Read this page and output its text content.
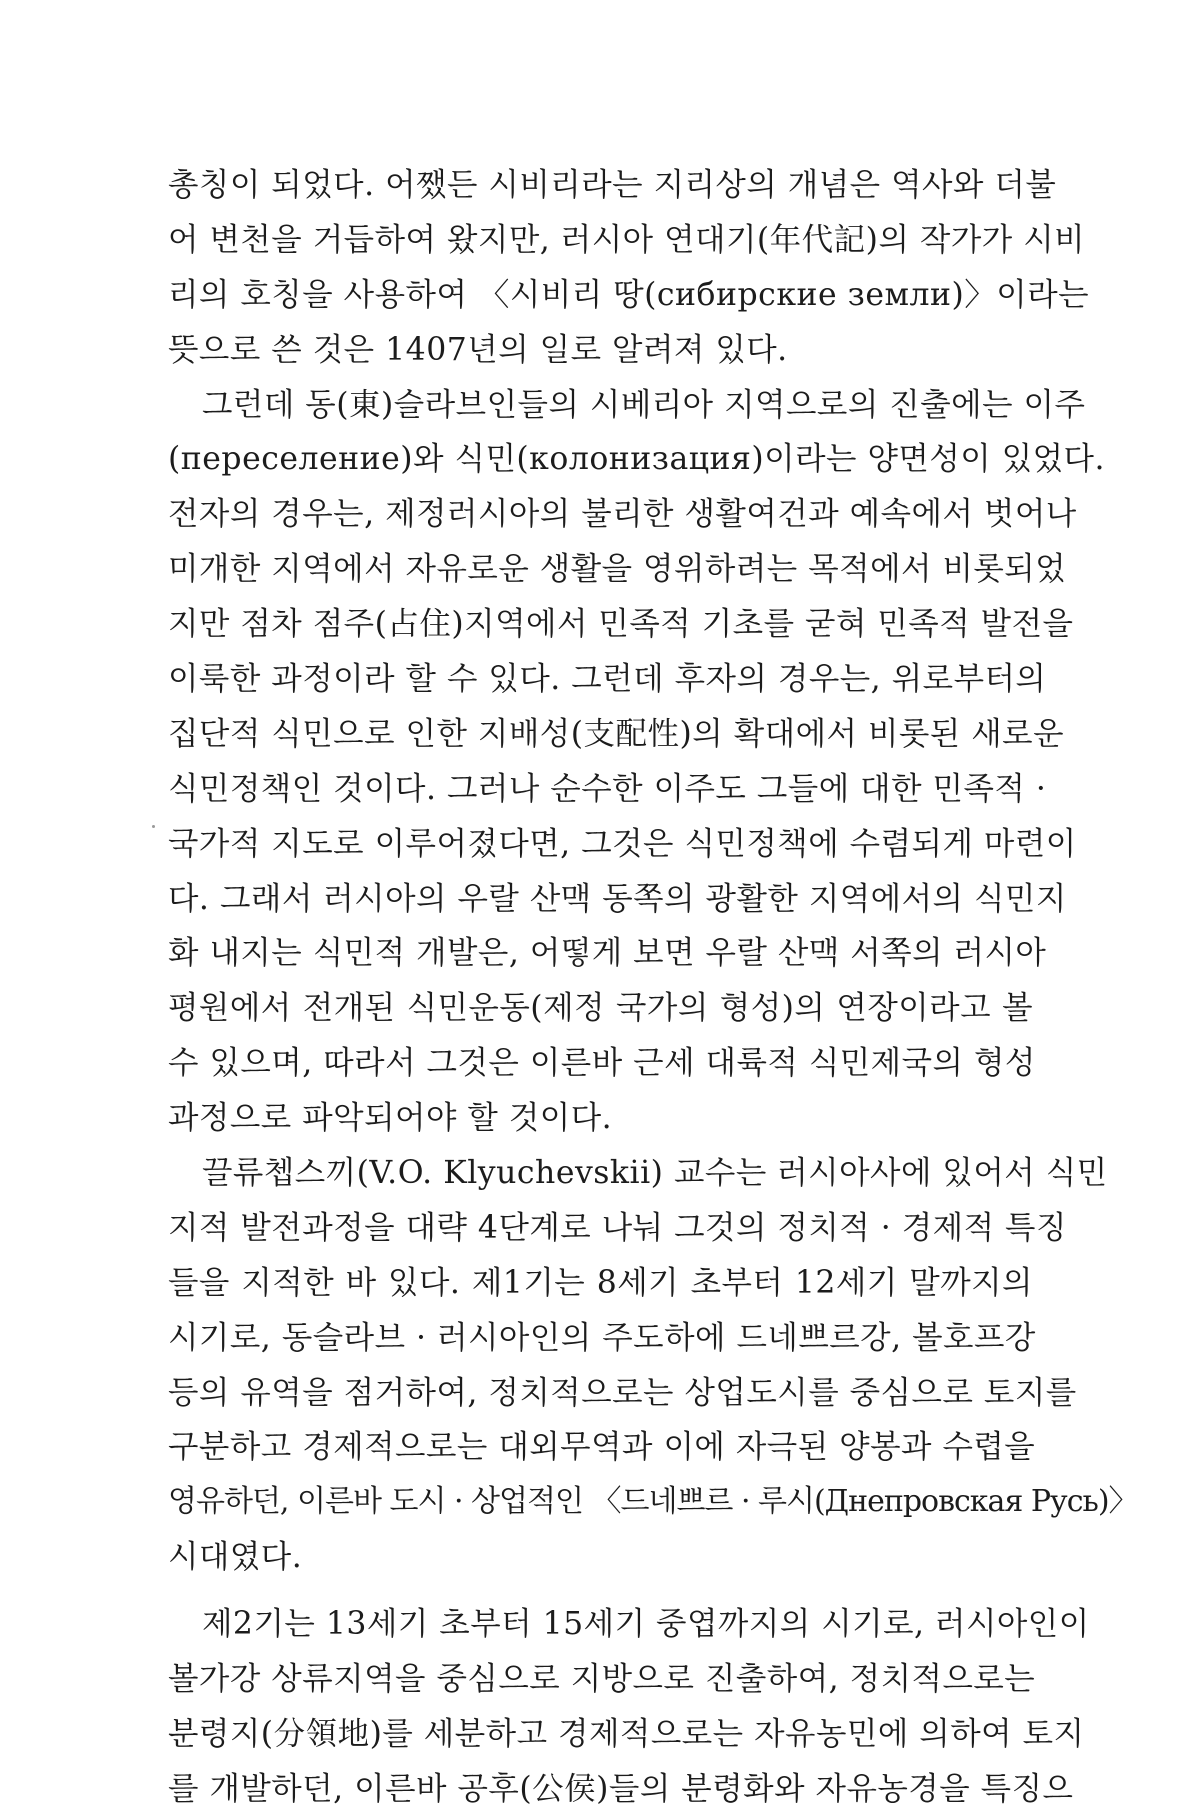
총칭이 되었다. 어쨌든 시비리라는 지리상의 개념은 역사와 더불
어 변천을 거듭하여 왔지만, 러시아 연대기(年代記)의 작가가 시비
리의 호칭을 사용하여 〈시비리 땅(сибирские земли)〉이라는
뜻으로 쓴 것은 1407년의 일로 알려져 있다.
그런데 동(東)슬라브인들의 시베리아 지역으로의 진출에는 이주
(переселение)와 식민(колонизация)이라는 양면성이 있었다.
전자의 경우는, 제정러시아의 불리한 생활여건과 예속에서 벗어나
미개한 지역에서 자유로운 생활을 영위하려는 목적에서 비롯되었
지만 점차 점주(占住)지역에서 민족적 기초를 굳혀 민족적 발전을
이룩한 과정이라 할 수 있다. 그런데 후자의 경우는, 위로부터의
집단적 식민으로 인한 지배성(支配性)의 확대에서 비롯된 새로운
식민정책인 것이다. 그러나 순수한 이주도 그들에 대한 민족적 ·
국가적 지도로 이루어졌다면, 그것은 식민정책에 수렴되게 마련이
다. 그래서 러시아의 우랄 산맥 동쪽의 광활한 지역에서의 식민지
화 내지는 식민적 개발은, 어떻게 보면 우랄 산맥 서쪽의 러시아
평원에서 전개된 식민운동(제정 국가의 형성)의 연장이라고 볼
수 있으며, 따라서 그것은 이른바 근세 대륙적 식민제국의 형성
과정으로 파악되어야 할 것이다.
끌류쳅스끼(V.O. Klyuchevskii) 교수는 러시아사에 있어서 식민
지적 발전과정을 대략 4단계로 나눠 그것의 정치적 · 경제적 특징
들을 지적한 바 있다. 제1기는 8세기 초부터 12세기 말까지의
시기로, 동슬라브 · 러시아인의 주도하에 드네쁘르강, 볼호프강
등의 유역을 점거하여, 정치적으로는 상업도시를 중심으로 토지를
구분하고 경제적으로는 대외무역과 이에 자극된 양봉과 수렵을
영유하던, 이른바 도시 · 상업적인 〈드네쁘르 · 루시(Днепровская Русь)〉
시대였다.
제2기는 13세기 초부터 15세기 중엽까지의 시기로, 러시아인이
볼가강 상류지역을 중심으로 지방으로 진출하여, 정치적으로는
분령지(分領地)를 세분하고 경제적으로는 자유농민에 의하여 토지
를 개발하던, 이른바 공후(公侯)들의 분령화와 자유농경을 특징으
